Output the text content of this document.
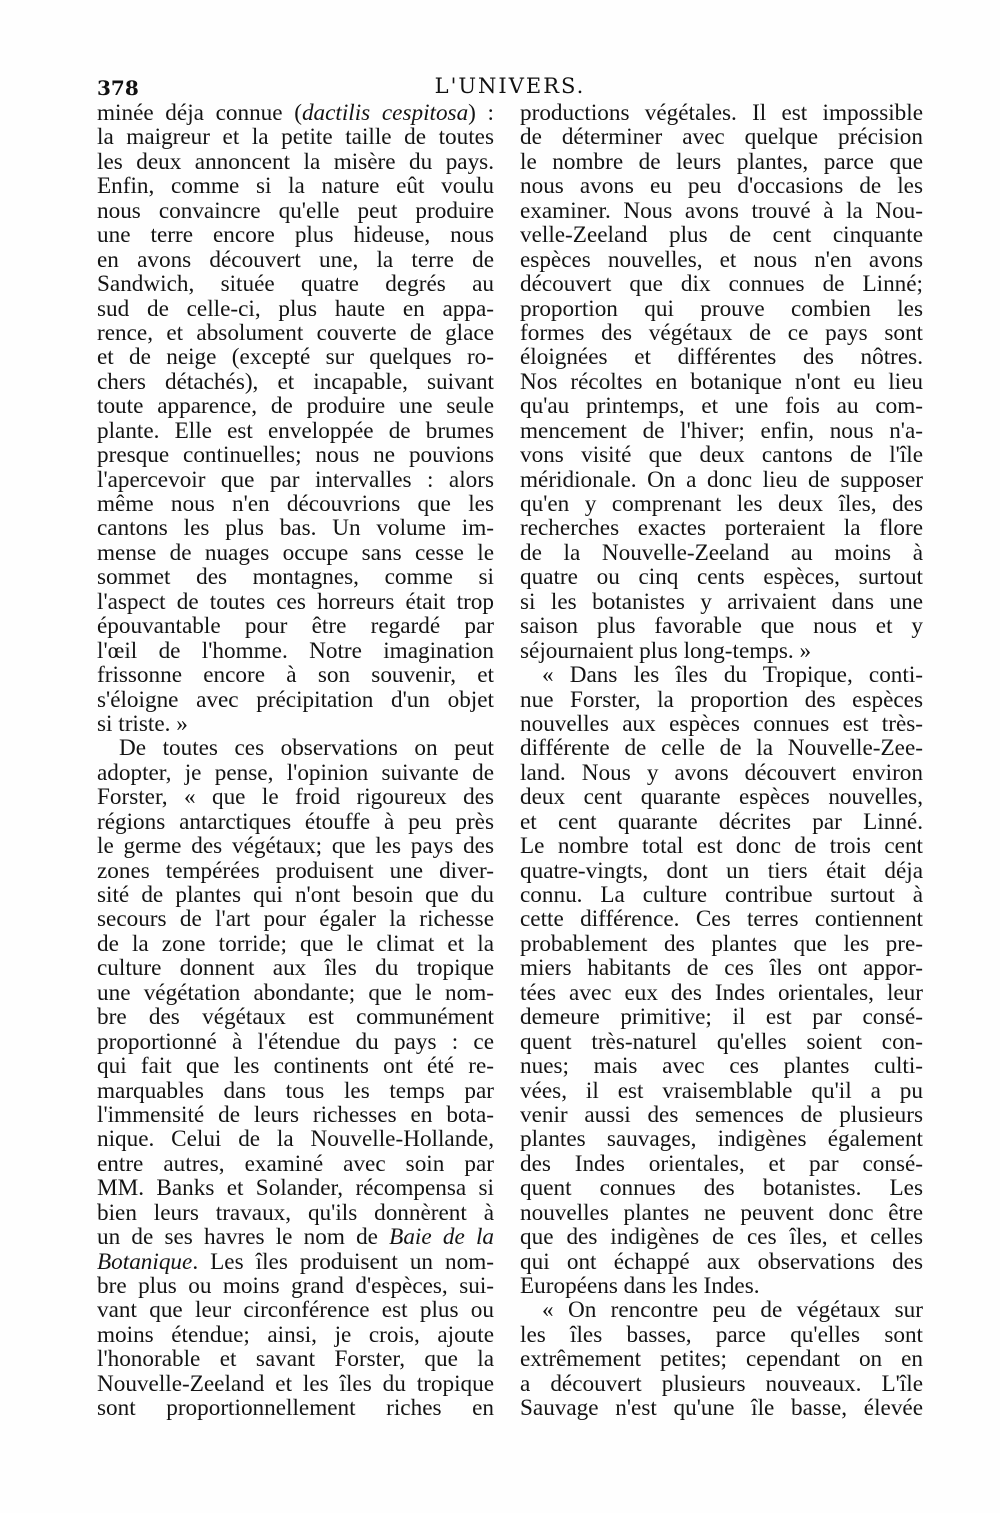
378	L'UNIVERS.
minée déja connue (dactilis cespitosa) :
la maigreur et la petite taille de toutes
les deux annoncent la misère du pays.
Enfin, comme si la nature eût voulu
nous convaincre qu'elle peut produire
une terre encore plus hideuse, nous
en avons découvert une, la terre de
Sandwich, située quatre degrés au
sud de celle-ci, plus haute en appa-
rence, et absolument couverte de glace
et de neige (excepté sur quelques ro-
chers détachés), et incapable, suivant
toute apparence, de produire une seule
plante. Elle est enveloppée de brumes
presque continuelles; nous ne pouvions
l'apercevoir que par intervalles : alors
même nous n'en découvrions que les
cantons les plus bas. Un volume im-
mense de nuages occupe sans cesse le
sommet des montagnes, comme si
l'aspect de toutes ces horreurs était trop
épouvantable pour être regardé par
l'œil de l'homme. Notre imagination
frissonne encore à son souvenir, et
s'éloigne avec précipitation d'un objet
si triste. »
De toutes ces observations on peut
adopter, je pense, l'opinion suivante de
Forster, « que le froid rigoureux des
régions antarctiques étouffe à peu près
le germe des végétaux; que les pays des
zones tempérées produisent une diver-
sité de plantes qui n'ont besoin que du
secours de l'art pour égaler la richesse
de la zone torride; que le climat et la
culture donnent aux îles du tropique
une végétation abondante; que le nom-
bre des végétaux est communément
proportionné à l'étendue du pays : ce
qui fait que les continents ont été re-
marquables dans tous les temps par
l'immensité de leurs richesses en bota-
nique. Celui de la Nouvelle-Hollande,
entre autres, examiné avec soin par
MM. Banks et Solander, récompensa si
bien leurs travaux, qu'ils donnèrent à
un de ses havres le nom de Baie de la
Botanique. Les îles produisent un nom-
bre plus ou moins grand d'espèces, sui-
vant que leur circonférence est plus ou
moins étendue; ainsi, je crois, ajoute
l'honorable et savant Forster, que la
Nouvelle-Zeeland et les îles du tropique
sont proportionnellement riches en
productions végétales. Il est impossible
de déterminer avec quelque précision
le nombre de leurs plantes, parce que
nous avons eu peu d'occasions de les
examiner. Nous avons trouvé à la Nou-
velle-Zeeland plus de cent cinquante
espèces nouvelles, et nous n'en avons
découvert que dix connues de Linné;
proportion qui prouve combien les
formes des végétaux de ce pays sont
éloignées et différentes des nôtres.
Nos récoltes en botanique n'ont eu lieu
qu'au printemps, et une fois au com-
mencement de l'hiver; enfin, nous n'a-
vons visité que deux cantons de l'île
méridionale. On a donc lieu de supposer
qu'en y comprenant les deux îles, des
recherches exactes porteraient la flore
de la Nouvelle-Zeeland au moins à
quatre ou cinq cents espèces, surtout
si les botanistes y arrivaient dans une
saison plus favorable que nous et y
séjournaient plus long-temps. »
« Dans les îles du Tropique, conti-
nue Forster, la proportion des espèces
nouvelles aux espèces connues est très-
différente de celle de la Nouvelle-Zee-
land. Nous y avons découvert environ
deux cent quarante espèces nouvelles,
et cent quarante décrites par Linné.
Le nombre total est donc de trois cent
quatre-vingts, dont un tiers était déja
connu. La culture contribue surtout à
cette différence. Ces terres contiennent
probablement des plantes que les pre-
miers habitants de ces îles ont appor-
tées avec eux des Indes orientales, leur
demeure primitive; il est par consé-
quent très-naturel qu'elles soient con-
nues; mais avec ces plantes culti-
vées, il est vraisemblable qu'il a pu
venir aussi des semences de plusieurs
plantes sauvages, indigènes également
des Indes orientales, et par consé-
quent connues des botanistes. Les
nouvelles plantes ne peuvent donc être
que des indigènes de ces îles, et celles
qui ont échappé aux observations des
Européens dans les Indes.
« On rencontre peu de végétaux sur
les îles basses, parce qu'elles sont
extrêmement petites; cependant on en
a découvert plusieurs nouveaux. L'île
Sauvage n'est qu'une île basse, élevée
